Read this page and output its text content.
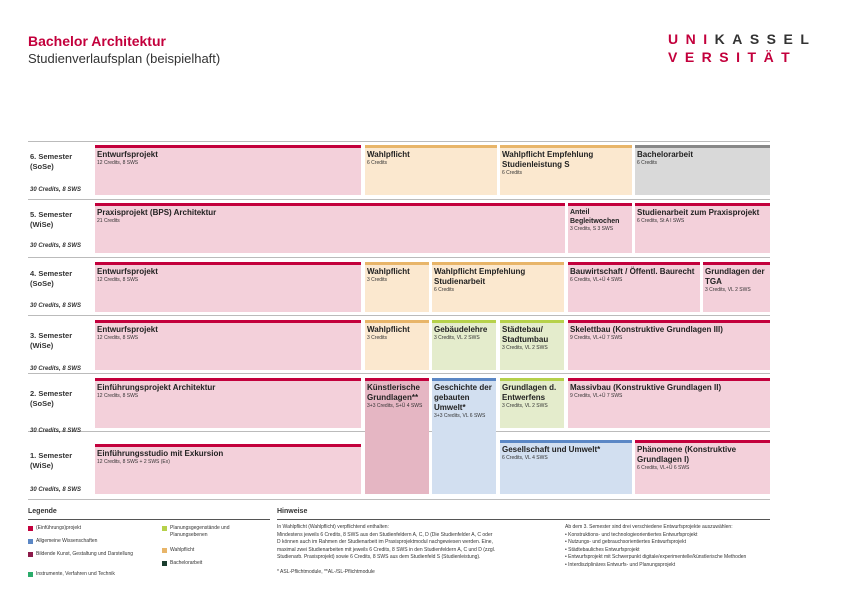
Bachelor Architektur
Studienverlaufsplan (beispielhaft)
UNIKASSEL
VERSITÄT
6. Semester
(SoSe)
30 Credits, 8 SWS
5. Semester
(WiSe)
30 Credits, 8 SWS
4. Semester
(SoSe)
30 Credits, 8 SWS
3. Semester
(WiSe)
30 Credits, 8 SWS
2. Semester
(SoSe)
30 Credits, 8 SWS
1. Semester
(WiSe)
30 Credits, 8 SWS
Entwurfsprojekt
12 Credits, 8 SWS
Wahlpflicht
6 Credits
Wahlpflicht Empfehlung Studienleistung S
6 Credits
Bachelorarbeit
6 Credits
Praxisprojekt (BPS) Architektur
21 Credits
Anteil Begleitwochen
3 Credits, S 3 SWS
Studienarbeit zum Praxisprojekt
6 Credits, St A I SWS
Entwurfsprojekt
12 Credits, 8 SWS
Wahlpflicht
3 Credits
Wahlpflicht Empfehlung Studienarbeit
6 Credits
Bauwirtschaft / Öffentl. Baurecht
6 Credits, VL+Ü 4 SWS
Grundlagen der TGA
3 Credits, VL 2 SWS
Entwurfsprojekt
12 Credits, 8 SWS
Wahlpflicht
3 Credits
Gebäudelehre
3 Credits, VL 2 SWS
Städtebau/ Stadtumbau
3 Credits, VL 2 SWS
Skelettbau (Konstruktive Grundlagen III)
9 Credits, VL+Ü 7 SWS
Einführungsprojekt Architektur
12 Credits, 8 SWS
Künstlerische Grundlagen**
3+3 Credits, S+Ü 4 SWS
Geschichte der gebauten Umwelt*
3+3 Credits, VL 6 SWS
Grundlagen d. Entwerfens
3 Credits, VL 2 SWS
Massivbau (Konstruktive Grundlagen II)
9 Credits, VL+Ü 7 SWS
Einführungsstudio mit Exkursion
12 Credits, 8 SWS + 2 SWS (Ex)
Gesellschaft und Umwelt*
6 Credits, VL 4 SWS
Phänomene (Konstruktive Grundlagen I)
6 Credits, VL+Ü 6 SWS
Legende
(Einführungs)projekt
Allgemeine Wissenschaften
Bildende Kunst, Gestaltung und Darstellung
Instrumente, Verfahren und Technik
Planungsgegenstände und Planungsebenen
Wahlpflicht
Bachelorarbeit
Hinweise
In Wahlpflicht (Wahlpflicht) verpflichtend enthalten:
Mindestens jeweils 6 Credits, 8 SWS aus den Studienfeldern A, C, D (Die Studienfelder A, C oder
D können auch im Rahmen der Studienarbeit im Praxisprojektmodul nachgewiesen werden. Eine,
maximal zwei Studienarbeiten mit jeweils 6 Credits, 8 SWS in den Studienfeldern A, C und D (zzgl.
Studienarb. Praxisprojekt) sowie 6 Credits, 8 SWS aus dem Studienfeld S (Studienleistung).
* ASL-Pflichtmodule, **AL-/SL-Pflichtmodule
Ab dem 3. Semester sind drei verschiedene Entwurfsprojekte auszuwählen:
• Konstruktions- und technologieorientiertes Entwurfsprojekt
• Nutzungs- und gebrauchsorientiertes Entwurfsprojekt
• Städtebauliches Entwurfsprojekt
• Entwurfsprojekt mit Schwerpunkt digitale/experimentelle/künstlerische Methoden
• Interdisziplinäres Entwurfs- und Planungsprojekt
